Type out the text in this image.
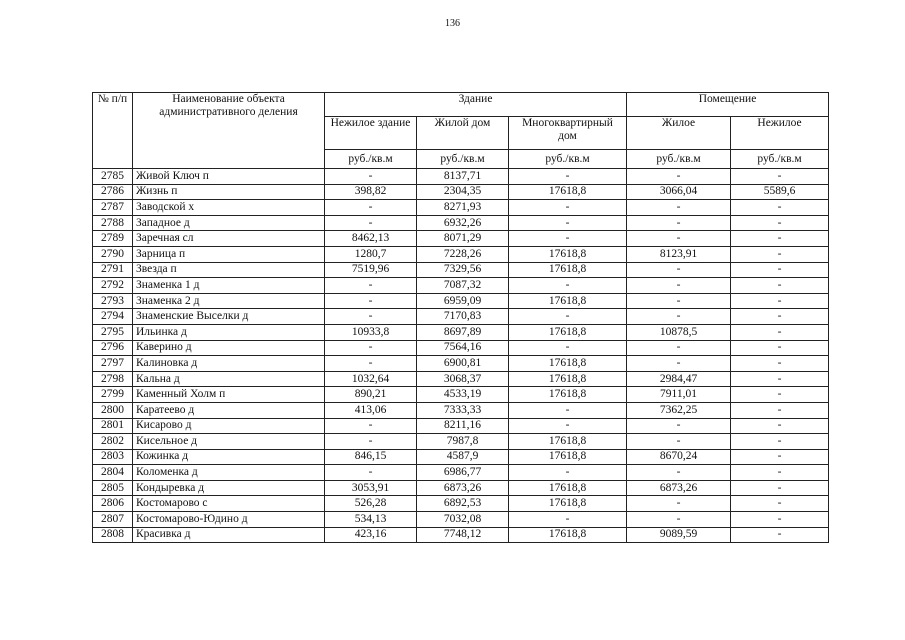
136
№ п/п	Наименование объекта административного деления	Здание			Помещение	
		Нежилое здание	Жилой дом	Многоквартирный дом	Жилое	Нежилое
		руб./кв.м	руб./кв.м	руб./кв.м	руб./кв.м	руб./кв.м
2785	Живой Ключ п	-	8137,71	-	-	-
2786	Жизнь п	398,82	2304,35	17618,8	3066,04	5589,6
2787	Заводской х	-	8271,93	-	-	-
2788	Западное д	-	6932,26	-	-	-
2789	Заречная сл	8462,13	8071,29	-	-	-
2790	Зарница п	1280,7	7228,26	17618,8	8123,91	-
2791	Звезда п	7519,96	7329,56	17618,8	-	-
2792	Знаменка 1 д	-	7087,32	-	-	-
2793	Знаменка 2 д	-	6959,09	17618,8	-	-
2794	Знаменские Выселки д	-	7170,83	-	-	-
2795	Ильинка д	10933,8	8697,89	17618,8	10878,5	-
2796	Каверино д	-	7564,16	-	-	-
2797	Калиновка д	-	6900,81	17618,8	-	-
2798	Кальна д	1032,64	3068,37	17618,8	2984,47	-
2799	Каменный Холм п	890,21	4533,19	17618,8	7911,01	-
2800	Каратеево д	413,06	7333,33	-	7362,25	-
2801	Кисарово д	-	8211,16	-	-	-
2802	Кисельное д	-	7987,8	17618,8	-	-
2803	Кожинка д	846,15	4587,9	17618,8	8670,24	-
2804	Коломенка д	-	6986,77	-	-	-
2805	Кондыревка д	3053,91	6873,26	17618,8	6873,26	-
2806	Костомарово с	526,28	6892,53	17618,8	-	-
2807	Костомарово-Юдино д	534,13	7032,08	-	-	-
2808	Красивка д	423,16	7748,12	17618,8	9089,59	-
